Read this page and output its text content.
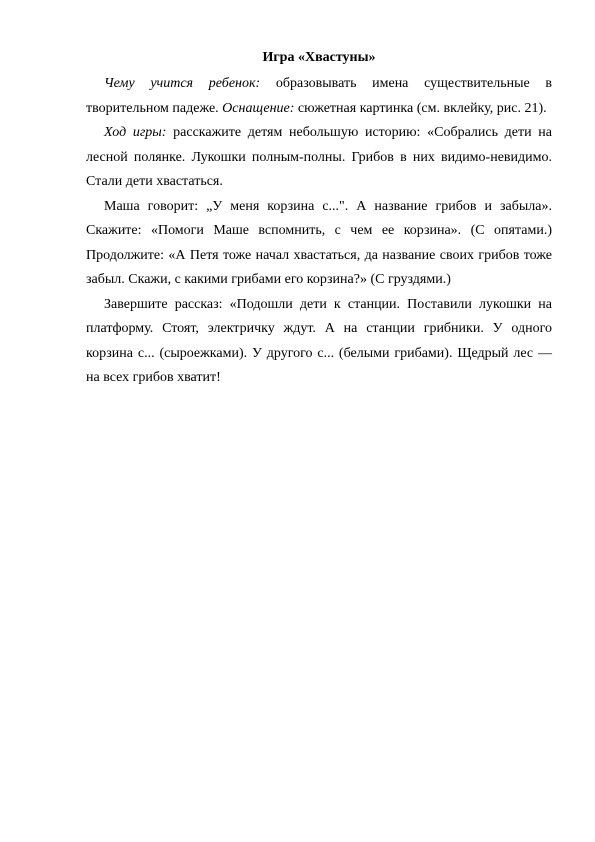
Игра «Хвастуны»

Чему учится ребенок: образовывать имена существительные в творительном падеже. Оснащение: сюжетная картинка (см. вклейку, рис. 21).

Ход игры: расскажите детям небольшую историю: «Собрались дети на лесной полянке. Лукошки полным-полны. Грибов в них видимо-невидимо. Стали дети хвастаться.

Маша говорит: „У меня корзина с...". А название грибов и забыла». Скажите: «Помоги Маше вспомнить, с чем ее корзина». (С опятами.) Продолжите: «А Петя тоже начал хвастаться, да название своих грибов тоже забыл. Скажи, с какими грибами его корзина?» (С груздями.)

Завершите рассказ: «Подошли дети к станции. Поставили лукошки на платформу. Стоят, электричку ждут. А на станции грибники. У одного корзина с... (сыроежками). У другого с... (белыми грибами). Щедрый лес — на всех грибов хватит!
